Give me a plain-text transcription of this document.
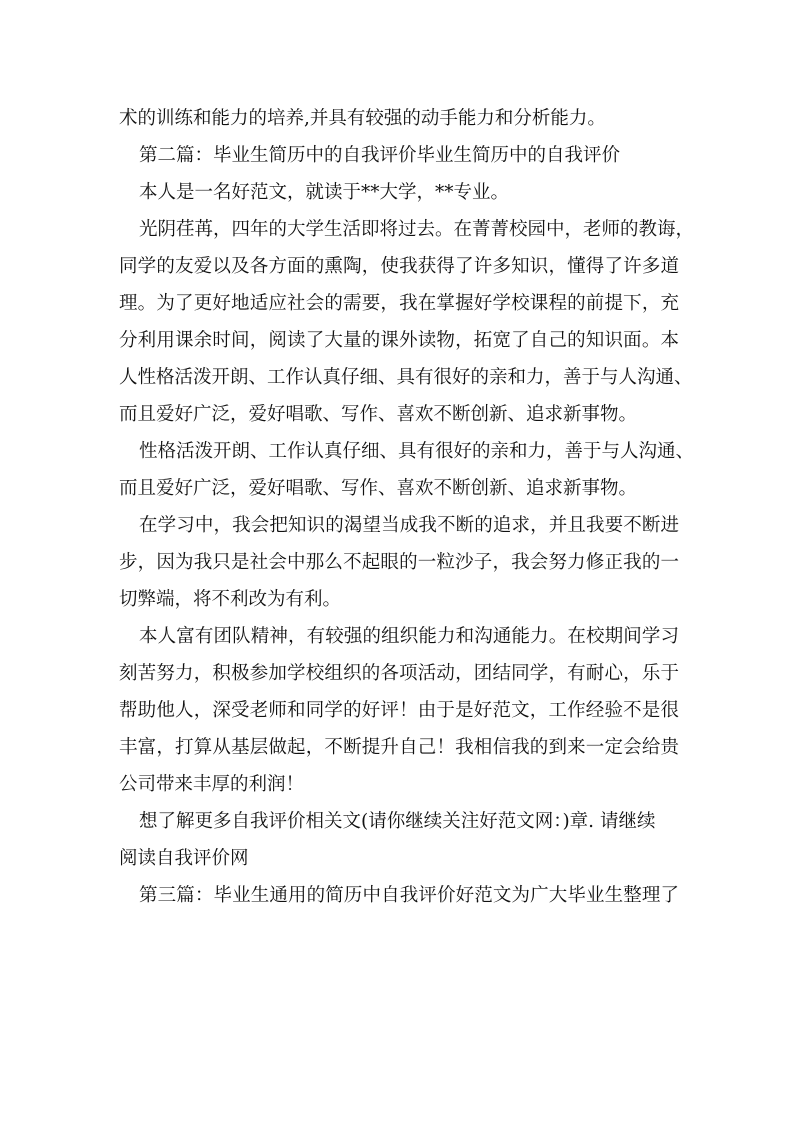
术的训练和能力的培养,并具有较强的动手能力和分析能力。
第二篇：毕业生简历中的自我评价毕业生简历中的自我评价
本人是一名好范文，就读于**大学，**专业。
光阴荏苒，四年的大学生活即将过去。在菁菁校园中，老师的教诲，
同学的友爱以及各方面的熏陶，使我获得了许多知识，懂得了许多道
理。为了更好地适应社会的需要，我在掌握好学校课程的前提下，充
分利用课余时间，阅读了大量的课外读物，拓宽了自己的知识面。本
人性格活泼开朗、工作认真仔细、具有很好的亲和力，善于与人沟通、
而且爱好广泛，爱好唱歌、写作、喜欢不断创新、追求新事物。
性格活泼开朗、工作认真仔细、具有很好的亲和力，善于与人沟通、
而且爱好广泛，爱好唱歌、写作、喜欢不断创新、追求新事物。
在学习中，我会把知识的渴望当成我不断的追求，并且我要不断进
步，因为我只是社会中那么不起眼的一粒沙子，我会努力修正我的一
切弊端，将不利改为有利。
本人富有团队精神，有较强的组织能力和沟通能力。在校期间学习
刻苦努力，积极参加学校组织的各项活动，团结同学，有耐心，乐于
帮助他人，深受老师和同学的好评！由于是好范文，工作经验不是很
丰富，打算从基层做起，不断提升自己！我相信我的到来一定会给贵
公司带来丰厚的利润！
想了解更多自我评价相关文(请你继续关注好范文网：)章. 请继续
阅读自我评价网
第三篇：毕业生通用的简历中自我评价好范文为广大毕业生整理了
